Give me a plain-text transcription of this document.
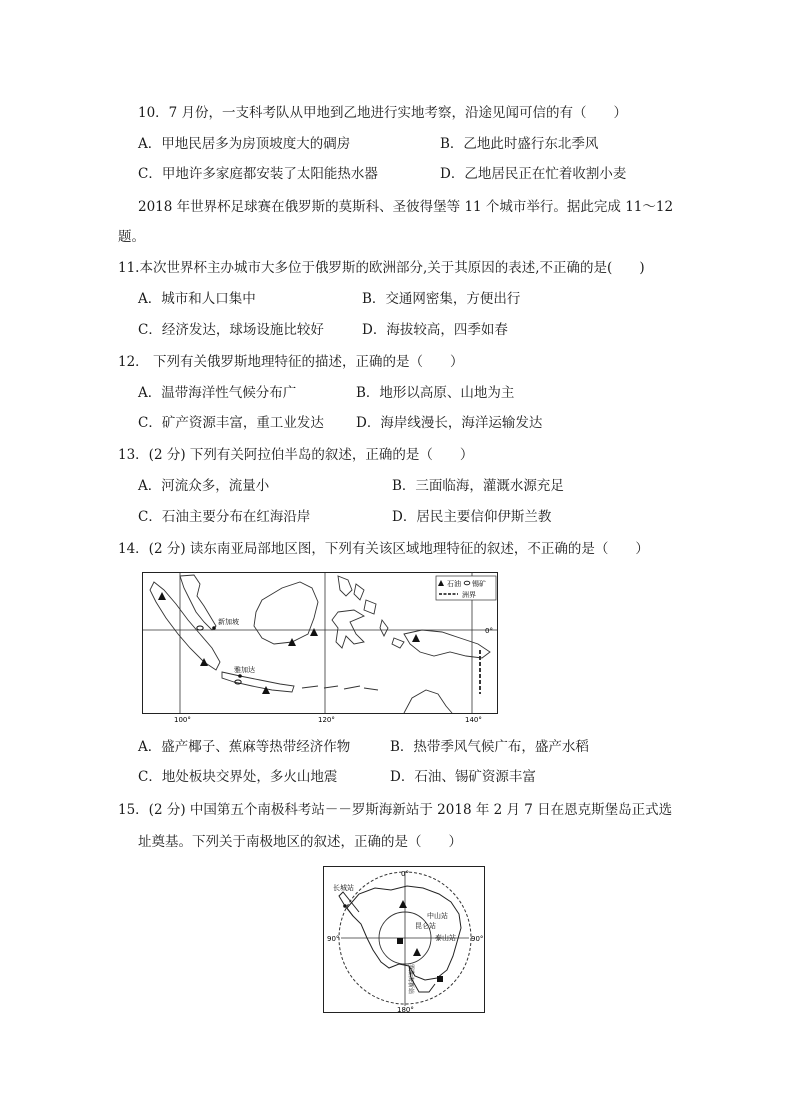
10．7 月份，一支科考队从甲地到乙地进行实地考察，沿途见闻可信的有（　　）
A．甲地民居多为房顶坡度大的碉房	B．乙地此时盛行东北季风
C．甲地许多家庭都安装了太阳能热水器	D．乙地居民正在忙着收割小麦
2018 年世界杯足球赛在俄罗斯的莫斯科、圣彼得堡等 11 个城市举行。据此完成 11～12
题。
11.本次世界杯主办城市大多位于俄罗斯的欧洲部分,关于其原因的表述,不正确的是(　　)
A．城市和人口集中	B．交通网密集，方便出行
C．经济发达，球场设施比较好	D．海拔较高，四季如春
12． 下列有关俄罗斯地理特征的描述，正确的是（　　）
A．温带海洋性气候分布广	B．地形以高原、山地为主
C．矿产资源丰富，重工业发达 D．海岸线漫长，海洋运输发达
13．(2 分) 下列有关阿拉伯半岛的叙述，正确的是（　　）
A．河流众多，流量小	B．三面临海，灌溉水源充足
C．石油主要分布在红海沿岸	D．居民主要信仰伊斯兰教
14．(2 分) 读东南亚局部地区图，下列有关该区域地理特征的叙述，不正确的是（　　）
新加坡
雅加达
石油 锡矿
洲界
100°	120°	140°
0°
A．盛产椰子、蕉麻等热带经济作物	B．热带季风气候广布，盛产水稻
C．地处板块交界处，多火山地震	D．石油、锡矿资源丰富
15．(2 分) 中国第五个南极科考站－－罗斯海新站于 2018 年 2 月 7 日在恩克斯堡岛正式选
址奠基。下列关于南极地区的叙述，正确的是（　　）
0°
180°
90°	90°
长城站
中山站
昆仑站
泰山站
罗斯海新站
